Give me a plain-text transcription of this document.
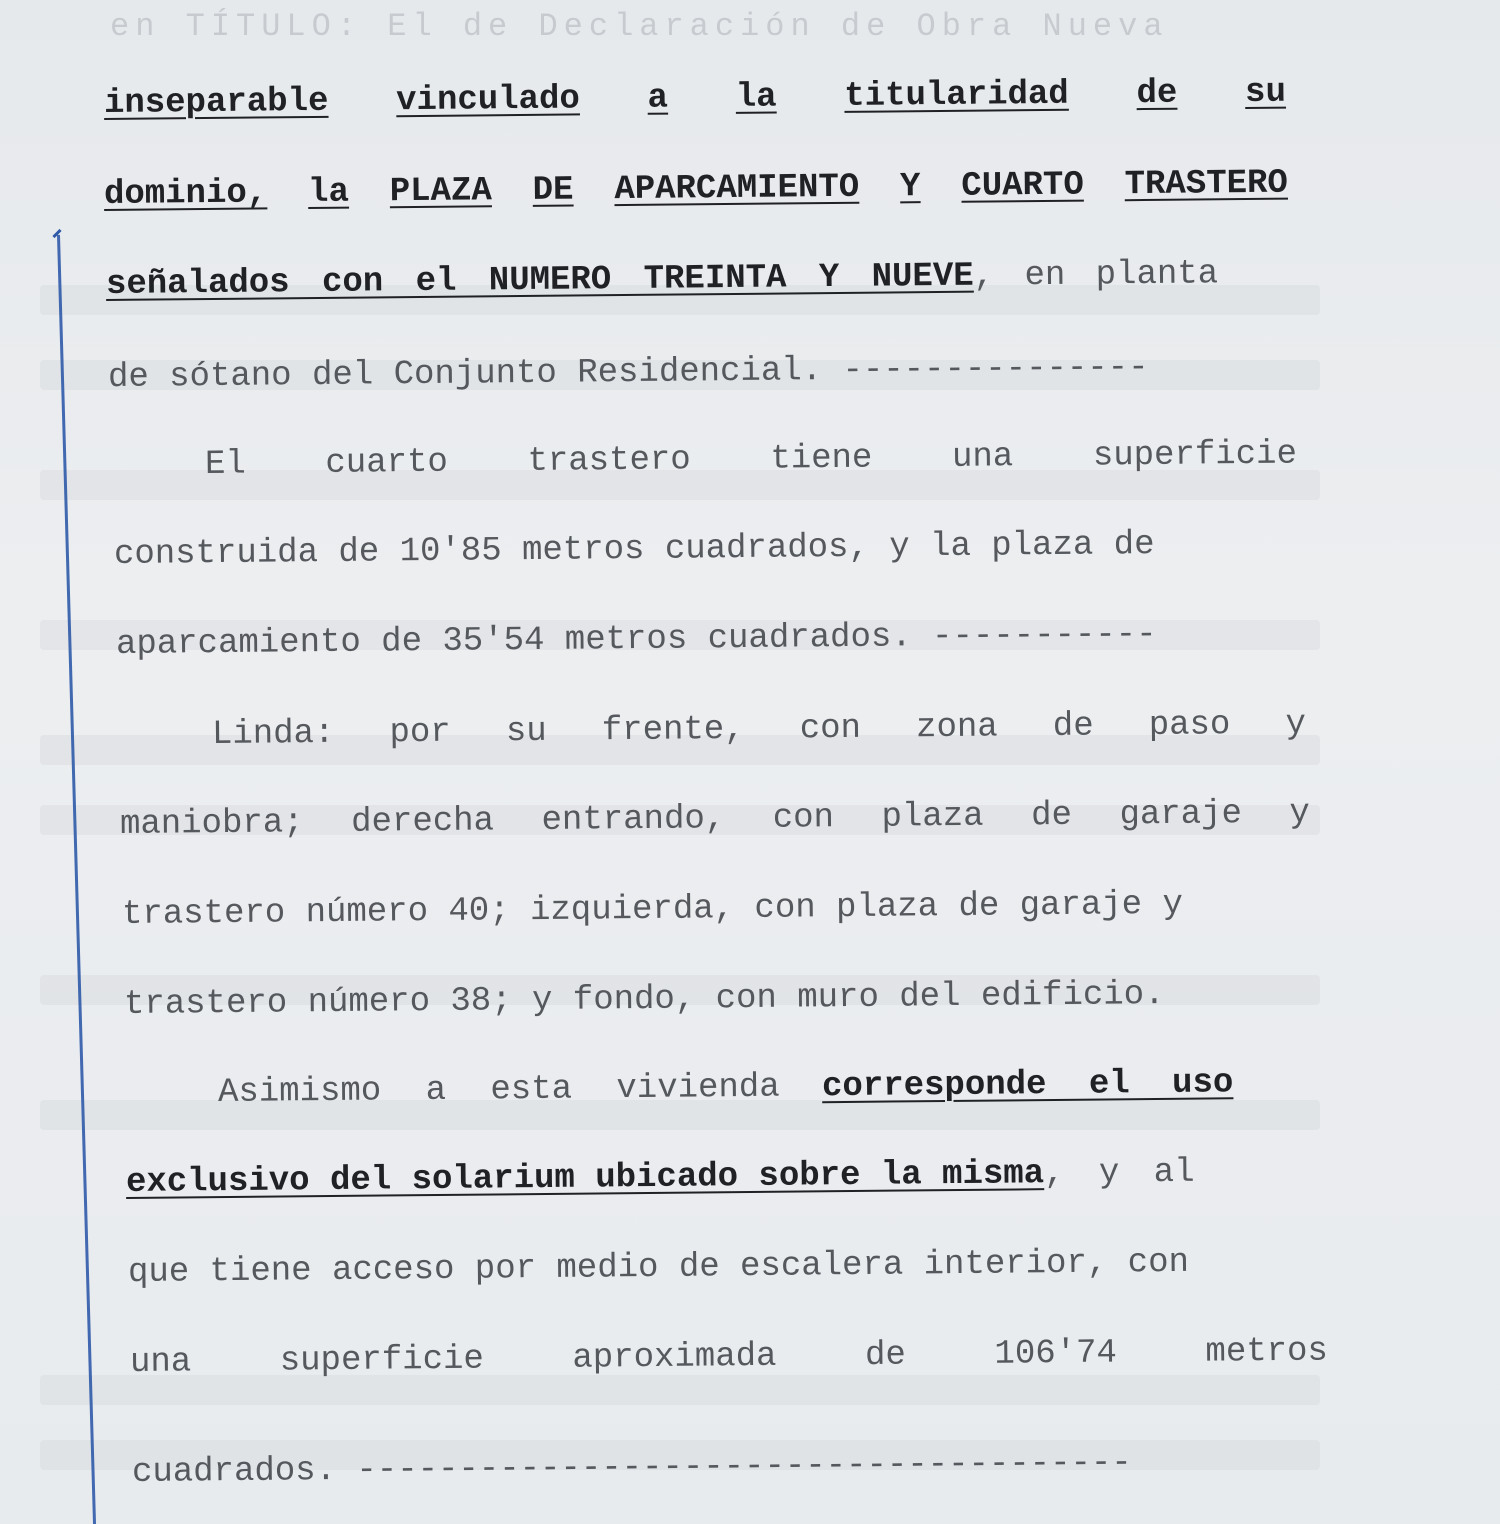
en TÍTULO: El de Declaración de Obra Nueva
inseparable vinculado a la titularidad de su
dominio, la PLAZA DE APARCAMIENTO Y CUARTO TRASTERO
señalados con el NUMERO TREINTA Y NUEVE, en planta
de sótano del Conjunto Residencial. ---------------
El cuarto trastero tiene una superficie
construida de 10'85 metros cuadrados, y la plaza de
aparcamiento de 35'54 metros cuadrados. -----------
Linda: por su frente, con zona de paso y
maniobra; derecha entrando, con plaza de garaje y
trastero número 40; izquierda, con plaza de garaje y
trastero número 38; y fondo, con muro del edificio.
Asimismo a esta vivienda corresponde el uso
exclusivo del solarium ubicado sobre la misma, y al
que tiene acceso por medio de escalera interior, con
una	superficie	aproximada	de	106'74	metros
cuadrados. --------------------------------------
